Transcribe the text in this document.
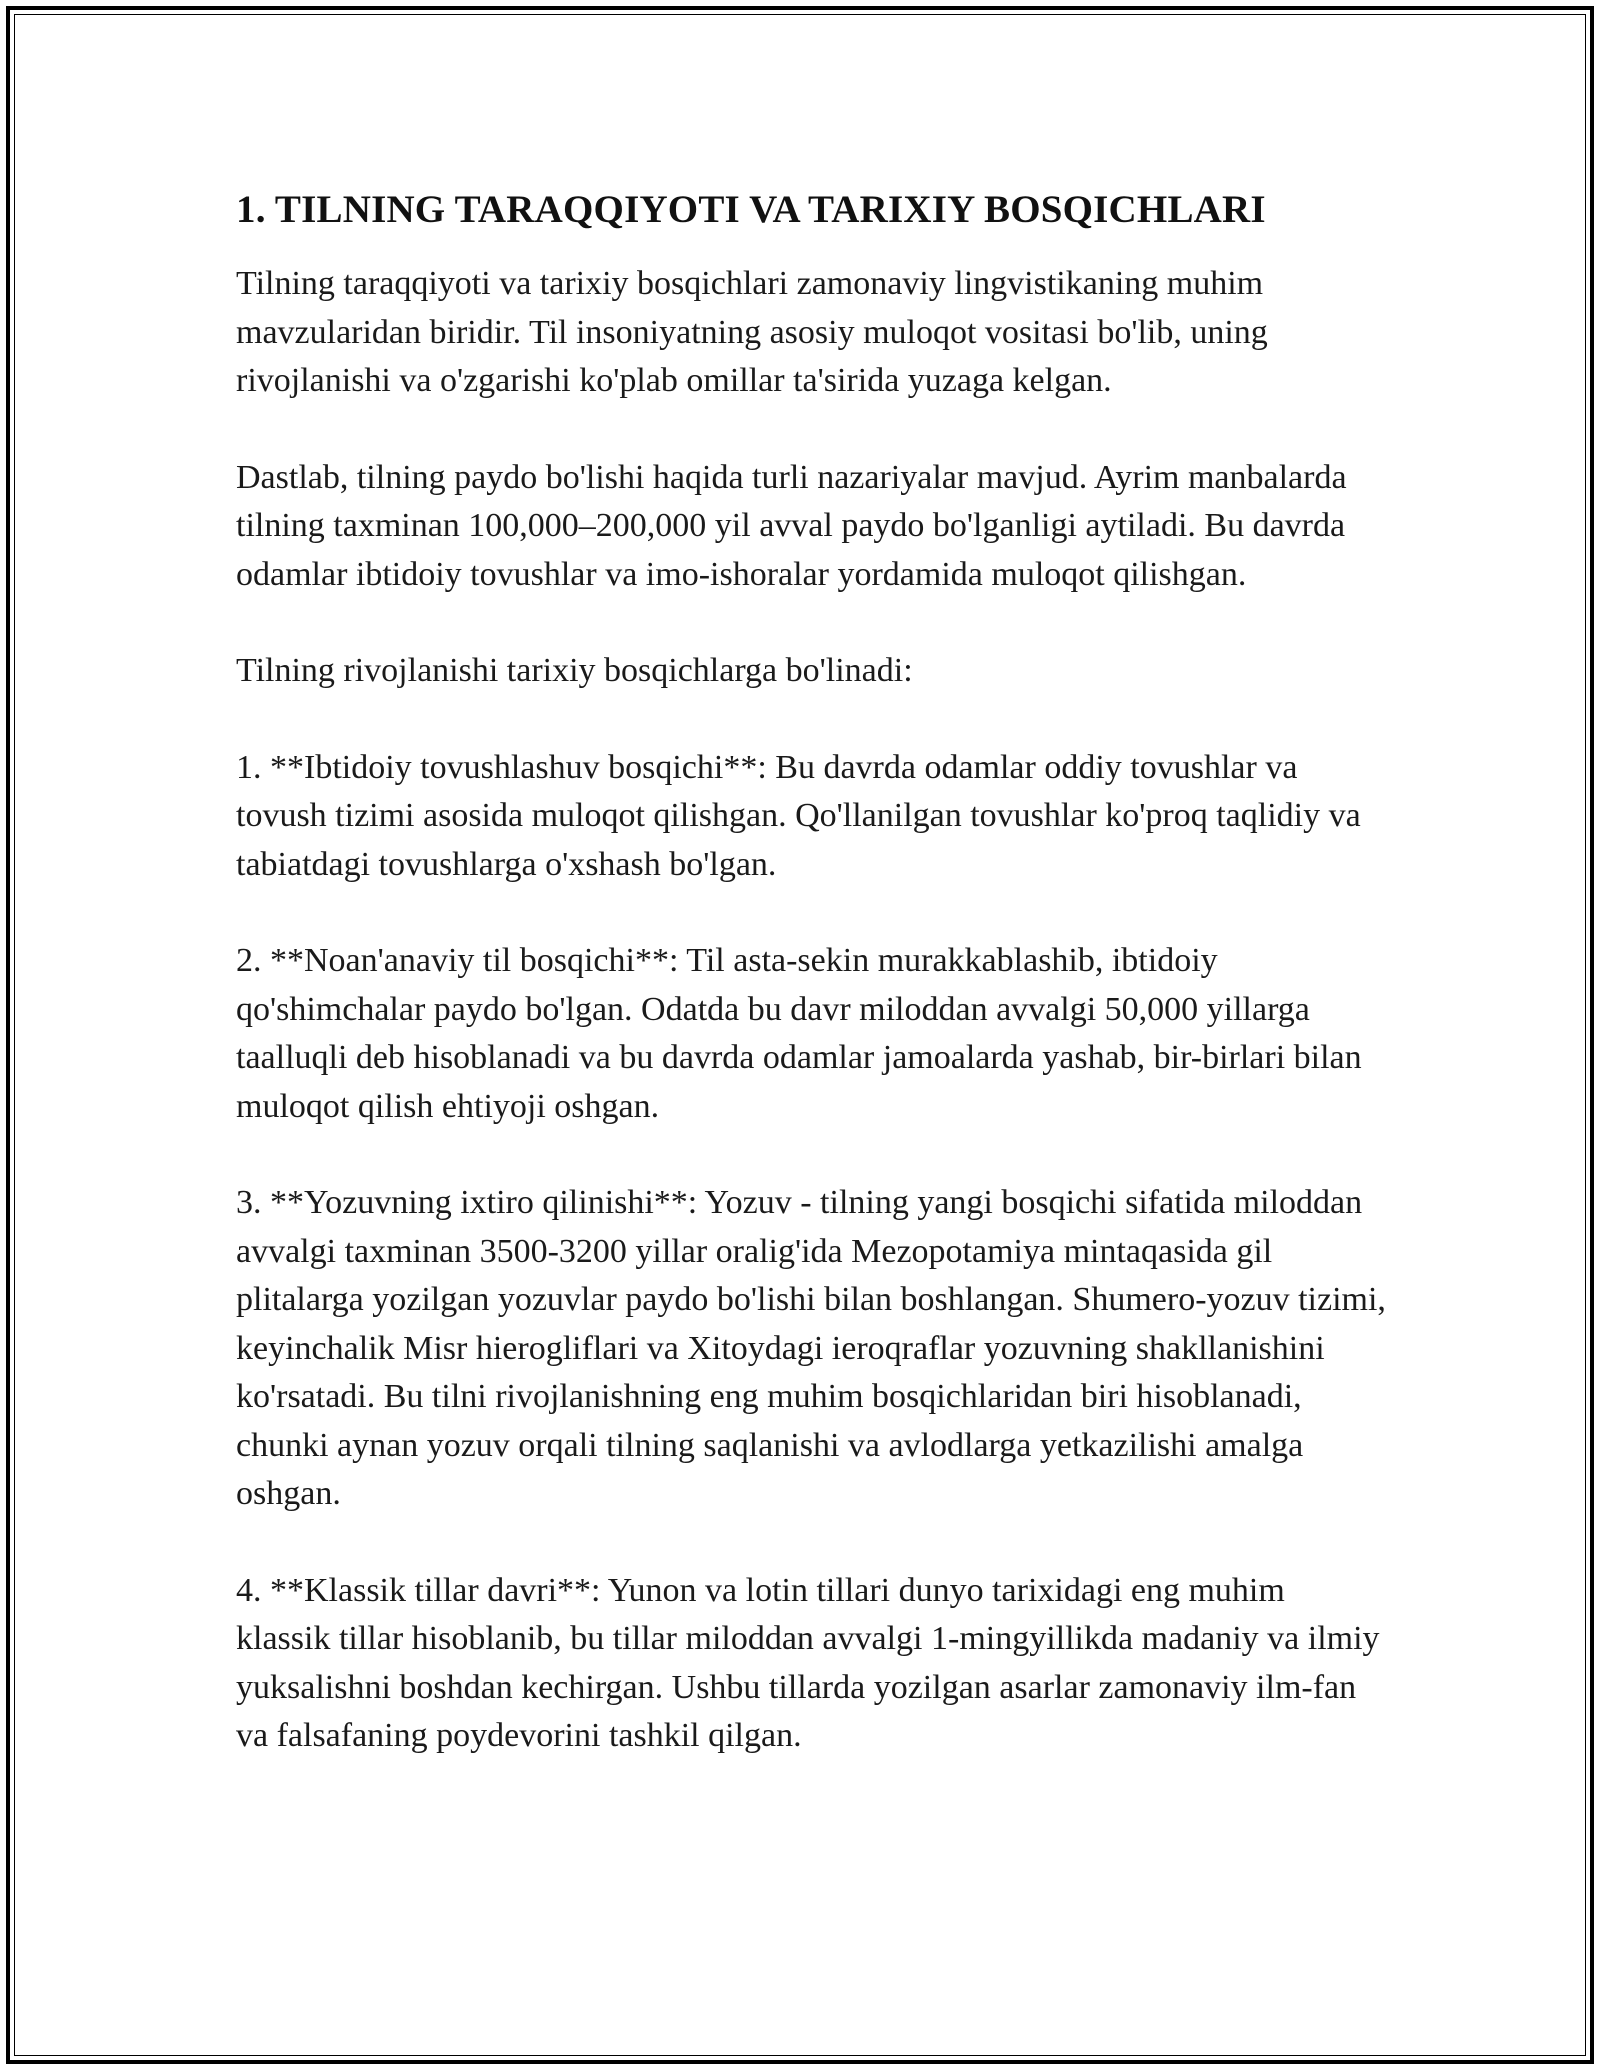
1. TILNING TARAQQIYOTI VA TARIXIY BOSQICHLARI

Tilning taraqqiyoti va tarixiy bosqichlari zamonaviy lingvistikaning muhim mavzularidan biridir. Til insoniyatning asosiy muloqot vositasi bo'lib, uning rivojlanishi va o'zgarishi ko'plab omillar ta'sirida yuzaga kelgan.

Dastlab, tilning paydo bo'lishi haqida turli nazariyalar mavjud. Ayrim manbalarda tilning taxminan 100,000–200,000 yil avval paydo bo'lganligi aytiladi. Bu davrda odamlar ibtidoiy tovushlar va imo-ishoralar yordamida muloqot qilishgan.

Tilning rivojlanishi tarixiy bosqichlarga bo'linadi:

1. **Ibtidoiy tovushlashuv bosqichi**: Bu davrda odamlar oddiy tovushlar va tovush tizimi asosida muloqot qilishgan. Qo'llanilgan tovushlar ko'proq taqlidiy va tabiatdagi tovushlarga o'xshash bo'lgan.

2. **Noan'anaviy til bosqichi**: Til asta-sekin murakkablashib, ibtidoiy qo'shimchalar paydo bo'lgan. Odatda bu davr miloddan avvalgi 50,000 yillarga taalluqli deb hisoblanadi va bu davrda odamlar jamoalarda yashab, bir-birlari bilan muloqot qilish ehtiyoji oshgan.

3. **Yozuvning ixtiro qilinishi**: Yozuv - tilning yangi bosqichi sifatida miloddan avvalgi taxminan 3500-3200 yillar oralig'ida Mezopotamiya mintaqasida gil plitalarga yozilgan yozuvlar paydo bo'lishi bilan boshlangan. Shumero-yozuv tizimi, keyinchalik Misr hierogliflari va Xitoydagi ieroqraflar yozuvning shakllanishini ko'rsatadi. Bu tilni rivojlanishning eng muhim bosqichlaridan biri hisoblanadi, chunki aynan yozuv orqali tilning saqlanishi va avlodlarga yetkazilishi amalga oshgan.

4. **Klassik tillar davri**: Yunon va lotin tillari dunyo tarixidagi eng muhim klassik tillar hisoblanib, bu tillar miloddan avvalgi 1-mingyillikda madaniy va ilmiy yuksalishni boshdan kechirgan. Ushbu tillarda yozilgan asarlar zamonaviy ilm-fan va falsafaning poydevorini tashkil qilgan.
